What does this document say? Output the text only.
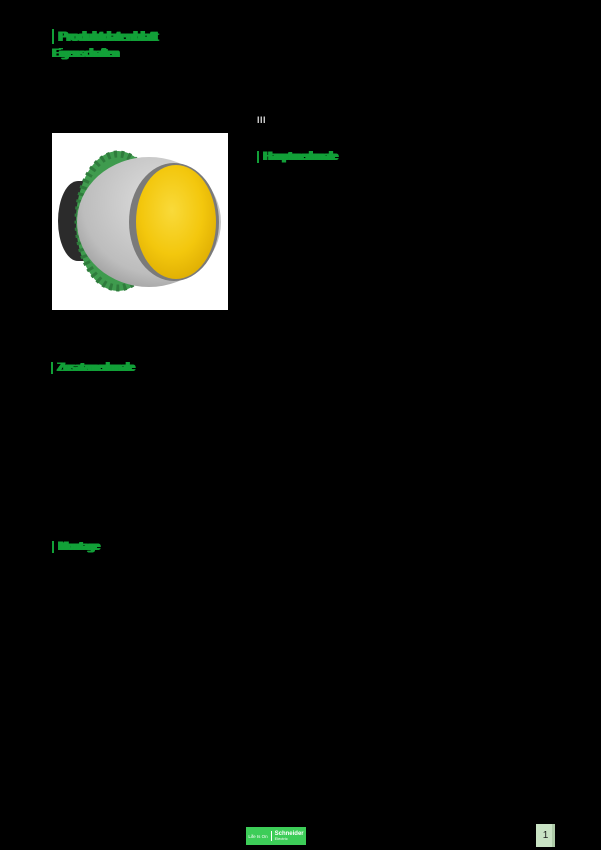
Produktdatenblatt
Eigenschaften
III
Hauptmerkmale
Zusatzmerkmale
Montage
Life Is On Schneider
Electric	1
